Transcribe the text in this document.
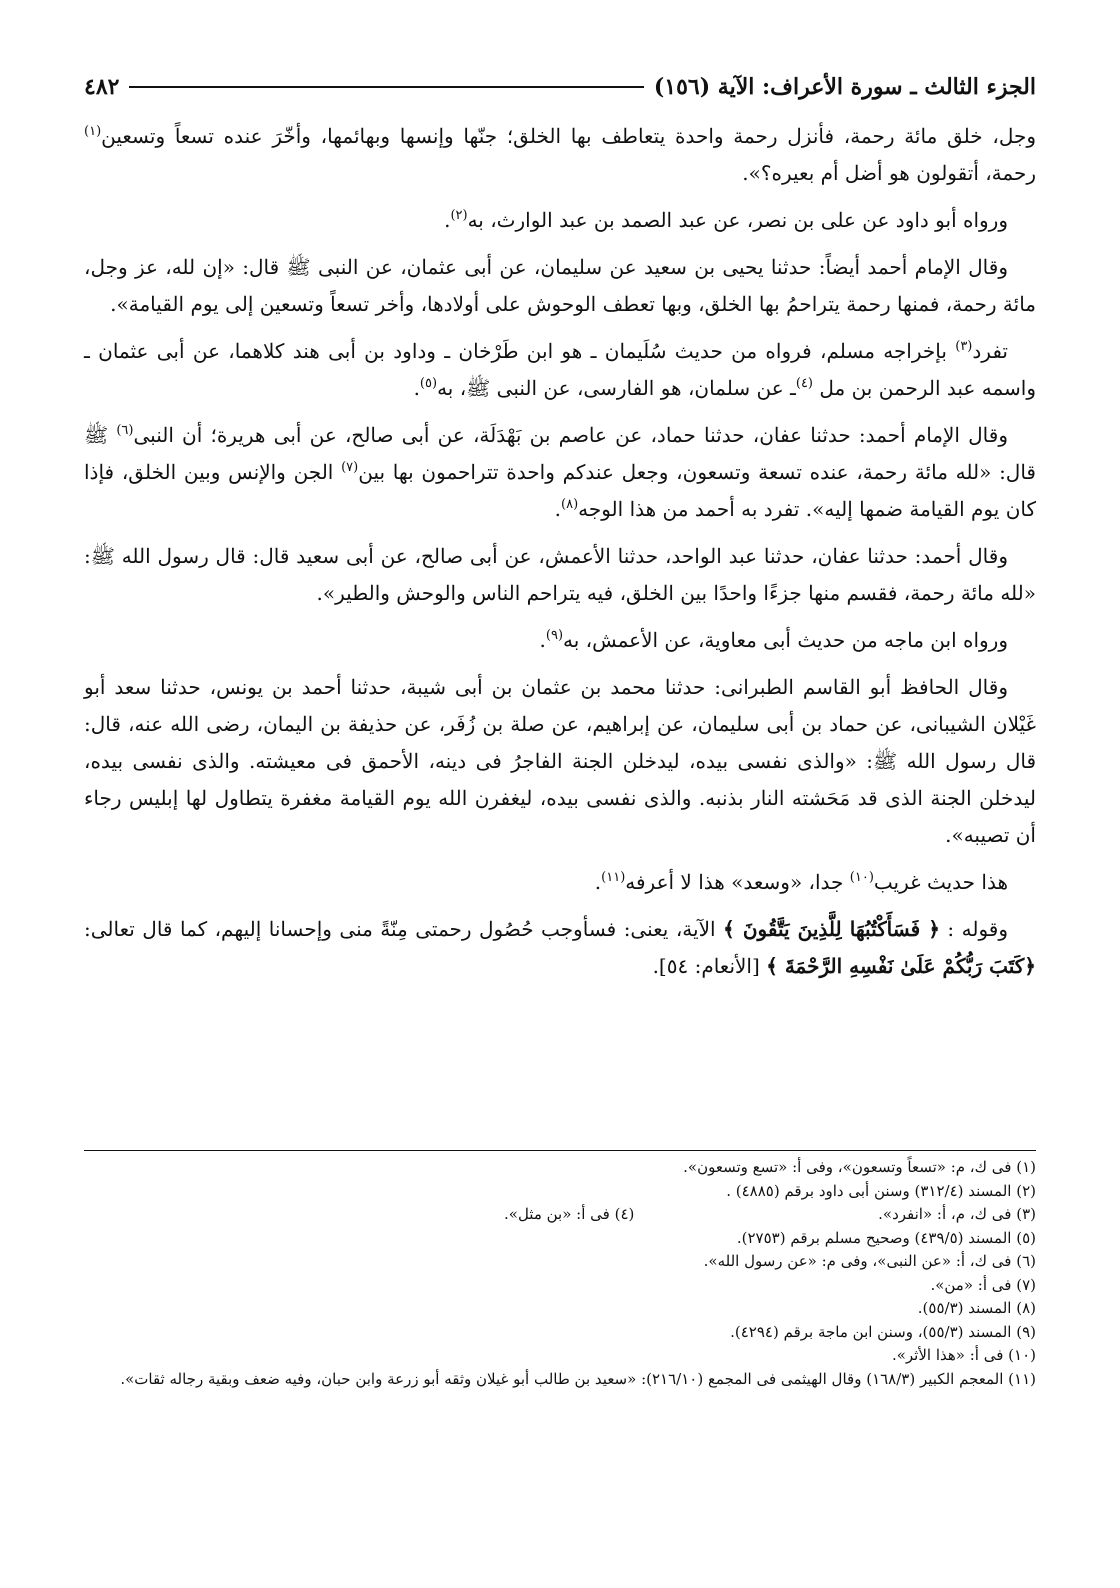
٤٨٢	الجزء الثالث ـ سورة الأعراف: الآية (١٥٦)

وجل، خلق مائة رحمة، فأنزل رحمة واحدة يتعاطف بها الخلق؛ جنّها وإنسها وبهائمها، وأخّرَ عنده تسعاً وتسعين$^{(١)}$ رحمة، أتقولون هو أضل أم بعيره؟».

ورواه أبو داود عن على بن نصر، عن عبد الصمد بن عبد الوارث، به$^{(٢)}$.

وقال الإمام أحمد أيضاً: حدثنا يحيى بن سعيد عن سليمان، عن أبى عثمان، عن النبى ﷺ قال: «إن لله، عز وجل، مائة رحمة، فمنها رحمة يتراحمُ بها الخلق، وبها تعطف الوحوش على أولادها، وأخر تسعاً وتسعين إلى يوم القيامة».

تفرد$^{(٣)}$ بإخراجه مسلم، فرواه من حديث سُلَيمان ـ هو ابن طَرْخان ـ وداود بن أبى هند كلاهما، عن أبى عثمان ـ واسمه عبد الرحمن بن مل $^{(٤)}$ـ عن سلمان، هو الفارسى، عن النبى ﷺ، به$^{(٥)}$.

وقال الإمام أحمد: حدثنا عفان، حدثنا حماد، عن عاصم بن بَهْدَلَة، عن أبى صالح، عن أبى هريرة؛ أن النبى$^{(٦)}$ ﷺ قال: «لله مائة رحمة، عنده تسعة وتسعون، وجعل عندكم واحدة تتراحمون بها بين$^{(٧)}$ الجن والإنس وبين الخلق، فإذا كان يوم القيامة ضمها إليه». تفرد به أحمد من هذا الوجه$^{(٨)}$.

وقال أحمد: حدثنا عفان، حدثنا عبد الواحد، حدثنا الأعمش، عن أبى صالح، عن أبى سعيد قال: قال رسول الله ﷺ: «لله مائة رحمة، فقسم منها جزءًا واحدًا بين الخلق، فيه يتراحم الناس والوحش والطير».

ورواه ابن ماجه من حديث أبى معاوية، عن الأعمش، به$^{(٩)}$.

وقال الحافظ أبو القاسم الطبرانى: حدثنا محمد بن عثمان بن أبى شيبة، حدثنا أحمد بن يونس، حدثنا سعد أبو غَيْلان الشيبانى، عن حماد بن أبى سليمان، عن إبراهيم، عن صلة بن زُفَر، عن حذيفة بن اليمان، رضى الله عنه، قال: قال رسول الله ﷺ: «والذى نفسى بيده، ليدخلن الجنة الفاجرُ فى دينه، الأحمق فى معيشته. والذى نفسى بيده، ليدخلن الجنة الذى قد مَحَشته النار بذنبه. والذى نفسى بيده، ليغفرن الله يوم القيامة مغفرة يتطاول لها إبليس رجاء أن تصيبه».

هذا حديث غريب$^{(١٠)}$ جدا، «وسعد» هذا لا أعرفه$^{(١١)}$.

وقوله : ﴿ فَسَأَكْتُبُهَا لِلَّذِينَ يَتَّقُونَ ﴾ الآية، يعنى: فسأوجب حُصُول رحمتى مِنّةً منى وإحسانا إليهم، كما قال تعالى: ﴿كَتَبَ رَبُّكُمْ عَلَىٰ نَفْسِهِ الرَّحْمَةَ ﴾ [الأنعام: ٥٤].

(١) فى ك، م: «تسعاً وتسعون»، وفى أ: «تسع وتسعون».

(٢) المسند (٣١٢/٤) وسنن أبى داود برقم (٤٨٨٥) .

(٣) فى ك، م، أ: «انفرد».
(٤) فى أ: «بن مثل».

(٥) المسند (٤٣٩/٥) وصحيح مسلم برقم (٢٧٥٣).

(٦) فى ك، أ: «عن النبى»، وفى م: «عن رسول الله».

(٧) فى أ: «من».

(٨) المسند (٥٥/٣).

(٩) المسند (٥٥/٣)، وسنن ابن ماجة برقم (٤٢٩٤).

(١٠) فى أ: «هذا الأثر».

(١١) المعجم الكبير (١٦٨/٣) وقال الهيثمى فى المجمع (٢١٦/١٠): «سعيد بن طالب أبو غيلان وثقه أبو زرعة وابن حبان، وفيه ضعف وبقية رجاله ثقات».
